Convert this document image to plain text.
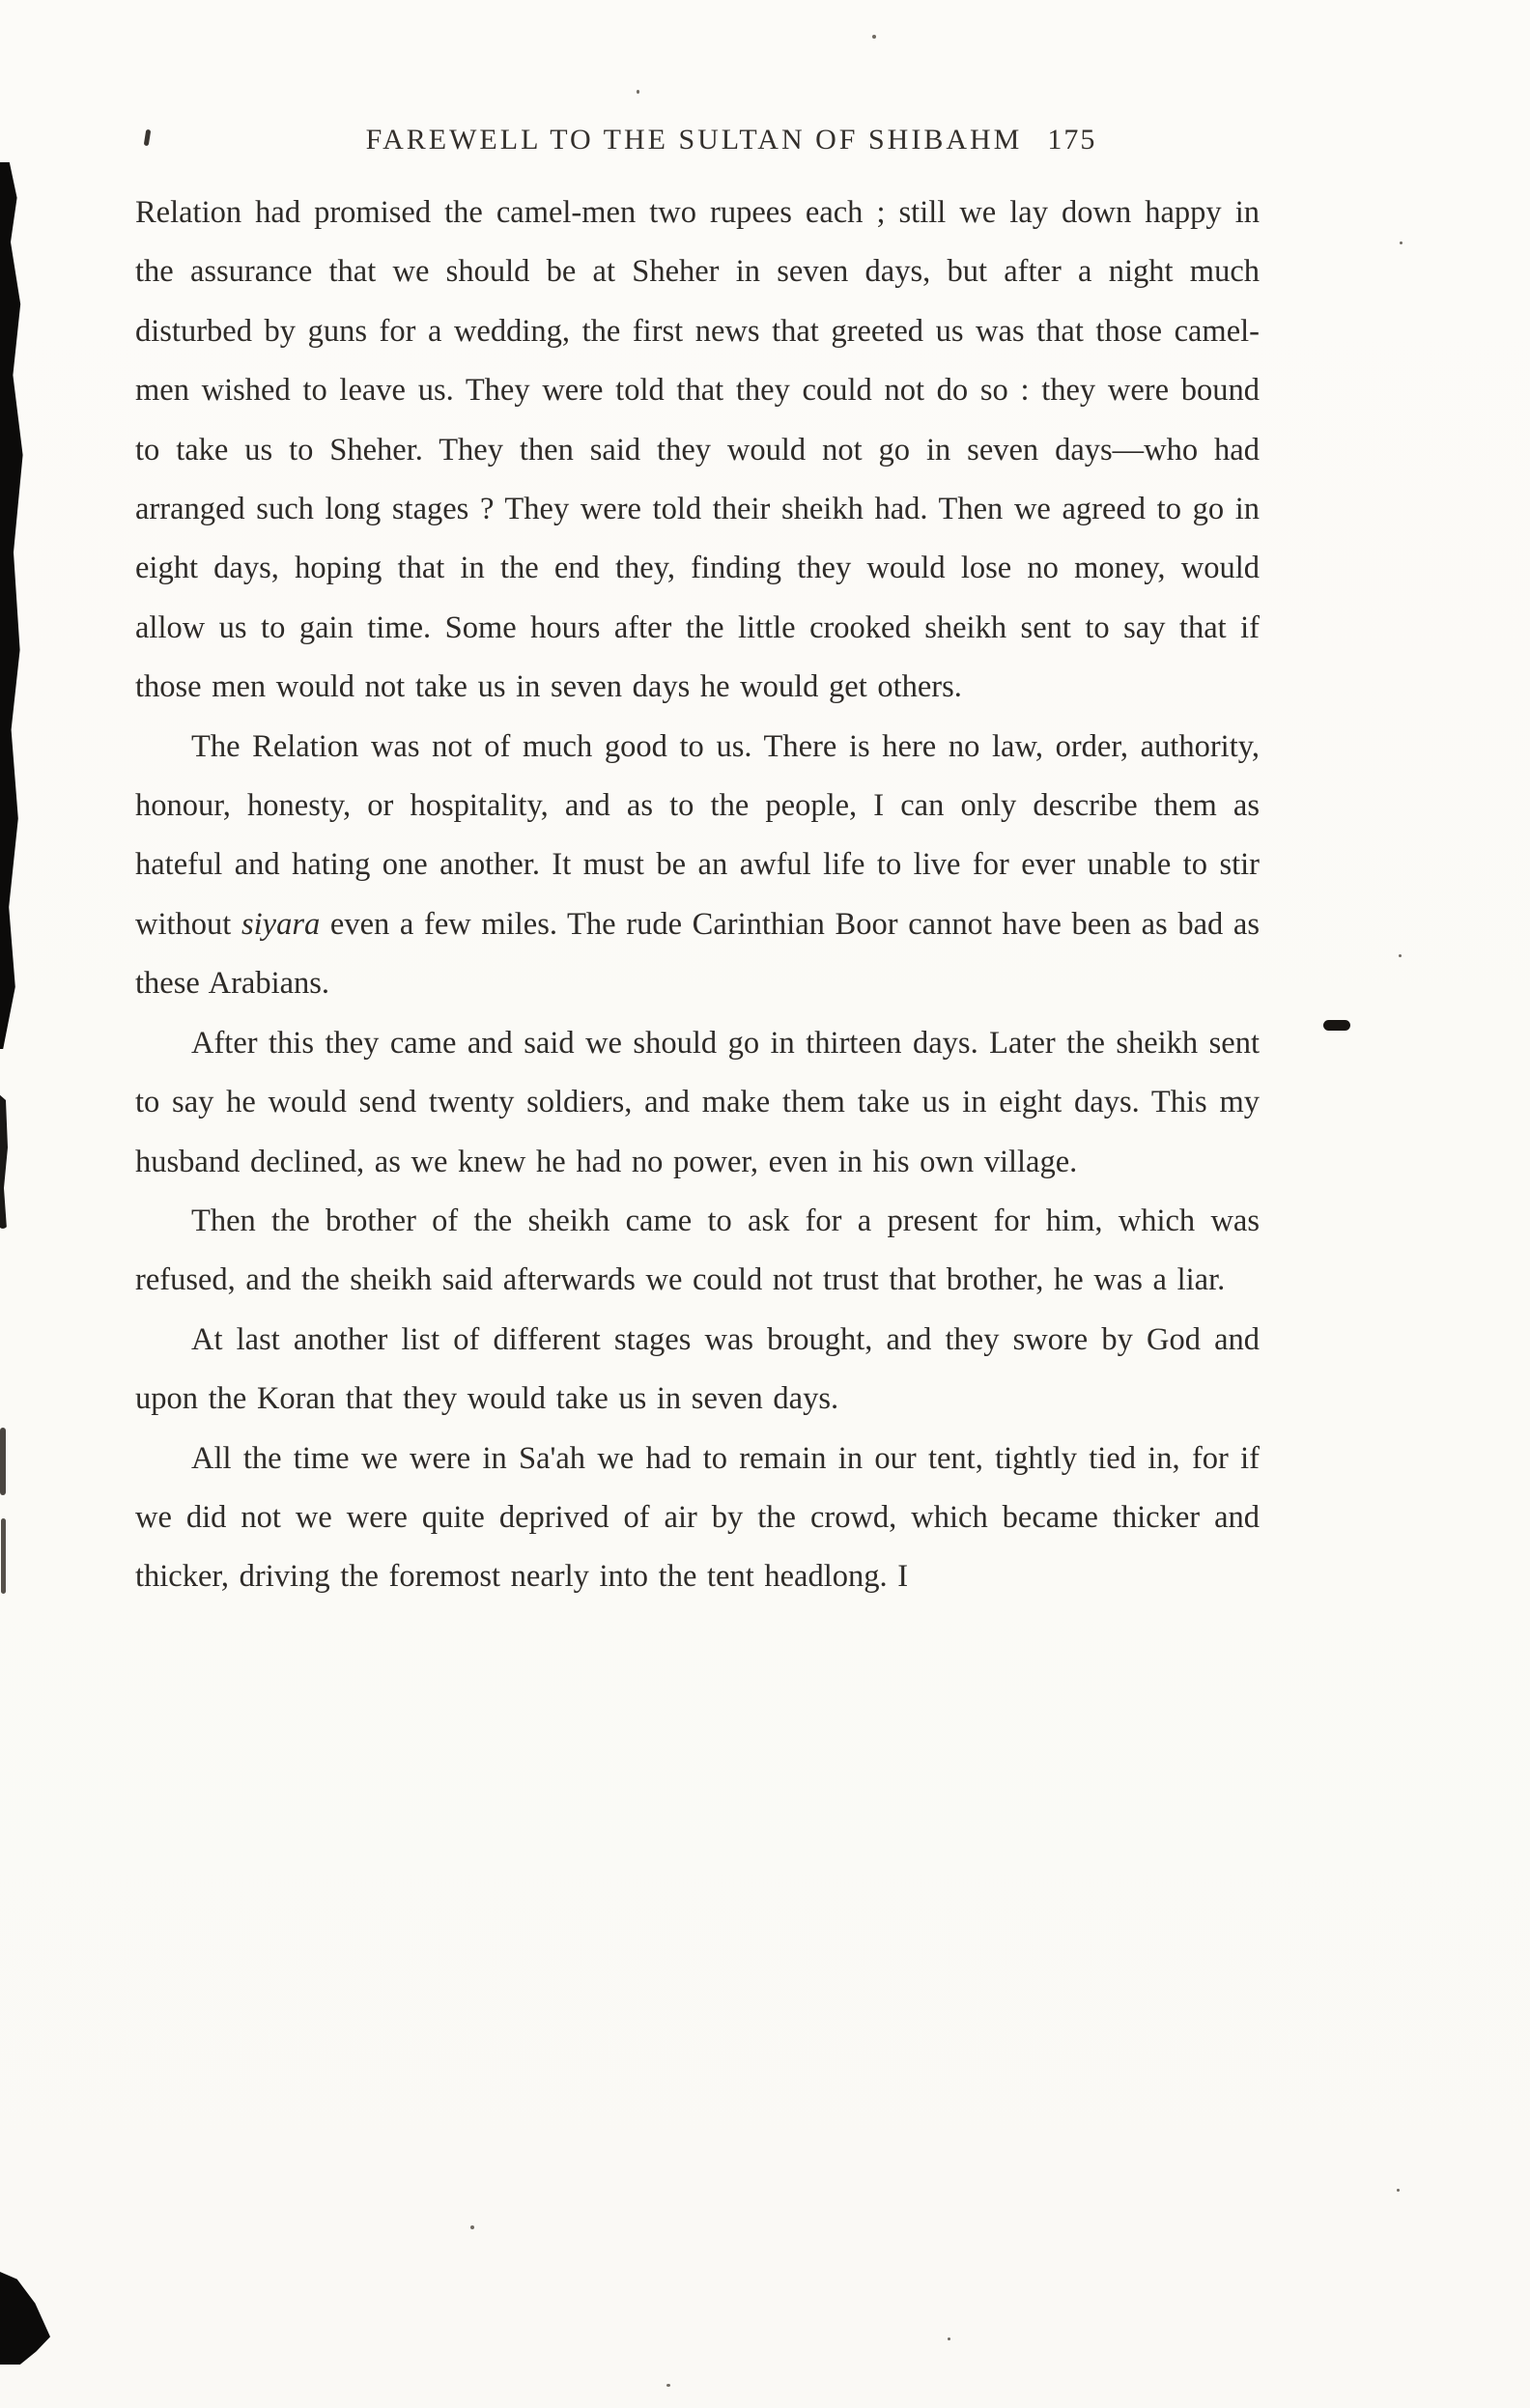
FAREWELL TO THE SULTAN OF SHIBAHM 175

Relation had promised the camel-men two rupees each ; still we lay down happy in the assurance that we should be at Sheher in seven days, but after a night much disturbed by guns for a wedding, the first news that greeted us was that those camel-men wished to leave us. They were told that they could not do so : they were bound to take us to Sheher. They then said they would not go in seven days—who had arranged such long stages ? They were told their sheikh had. Then we agreed to go in eight days, hoping that in the end they, finding they would lose no money, would allow us to gain time. Some hours after the little crooked sheikh sent to say that if those men would not take us in seven days he would get others.

The Relation was not of much good to us. There is here no law, order, authority, honour, honesty, or hospitality, and as to the people, I can only describe them as hateful and hating one another. It must be an awful life to live for ever unable to stir without siyara even a few miles. The rude Carinthian Boor cannot have been as bad as these Arabians.

After this they came and said we should go in thirteen days. Later the sheikh sent to say he would send twenty soldiers, and make them take us in eight days. This my husband declined, as we knew he had no power, even in his own village.

Then the brother of the sheikh came to ask for a present for him, which was refused, and the sheikh said afterwards we could not trust that brother, he was a liar.

At last another list of different stages was brought, and they swore by God and upon the Koran that they would take us in seven days.

All the time we were in Sa'ah we had to remain in our tent, tightly tied in, for if we did not we were quite deprived of air by the crowd, which became thicker and thicker, driving the foremost nearly into the tent headlong. I
